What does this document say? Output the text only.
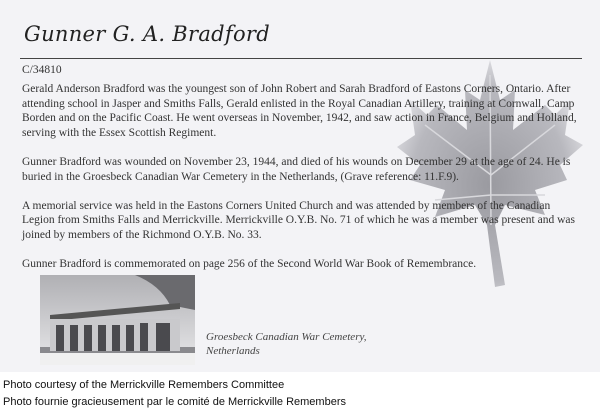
Gunner G. A. Bradford
C/34810

Gerald Anderson Bradford was the youngest son of John Robert and Sarah Bradford of Eastons Corners, Ontario. After attending school in Jasper and Smiths Falls, Gerald enlisted in the Royal Canadian Artillery, training at Cornwall, Camp Borden and on the Pacific Coast. He went overseas in November, 1942, and saw action in France, Belgium and Holland, serving with the Essex Scottish Regiment.

Gunner Bradford was wounded on November 23, 1944, and died of his wounds on December 29 at the age of 24. He is buried in the Groesbeck Canadian War Cemetery in the Netherlands, (Grave reference: 11.F.9).

A memorial service was held in the Eastons Corners United Church and was attended by members of the Canadian Legion from Smiths Falls and Merrickville. Merrickville O.Y.B. No. 71 of which he was a member was present and was joined by members of the Richmond O.Y.B. No. 33.

Gunner Bradford is commemorated on page 256 of the Second World War Book of Remembrance.

Groesbeck Canadian War Cemetery,
Netherlands
Photo courtesy of the Merrickville Remembers Committee
Photo fournie gracieusement par le comité de Merrickville Remembers
